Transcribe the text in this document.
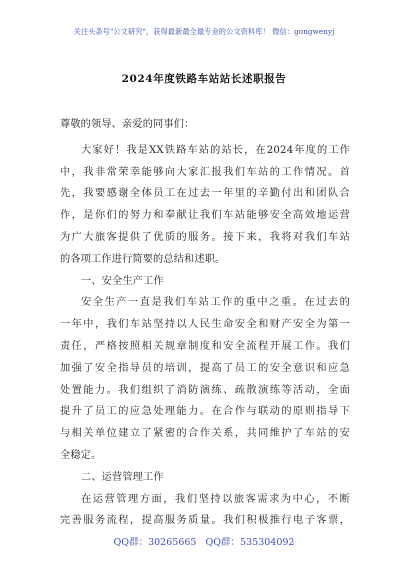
关注头条号"公文研究"，获得最新最全最专业的公文资料库！ 微信：gongwenyj
2024年度铁路车站站长述职报告
尊敬的领导、亲爱的同事们：
大家好！我是XX铁路车站的站长，在2024年度的工作
中，我非常荣幸能够向大家汇报我们车站的工作情况。首
先，我要感谢全体员工在过去一年里的辛勤付出和团队合
作，是你们的努力和奉献让我们车站能够安全高效地运营
为广大旅客提供了优质的服务。接下来，我将对我们车站
的各项工作进行简要的总结和述职。
一、安全生产工作
安全生产一直是我们车站工作的重中之重。在过去的
一年中，我们车站坚持以人民生命安全和财产安全为第一
责任，严格按照相关规章制度和安全流程开展工作。我们
加强了安全指导员的培训，提高了员工的安全意识和应急
处置能力。我们组织了消防演练、疏散演练等活动，全面
提升了员工的应急处理能力。在合作与联动的原则指导下
与相关单位建立了紧密的合作关系，共同维护了车站的安
全稳定。
二、运营管理工作
在运营管理方面，我们坚持以旅客需求为中心，不断
完善服务流程，提高服务质量。我们积极推行电子客票，
QQ群：30265665 QQ群：535304092
